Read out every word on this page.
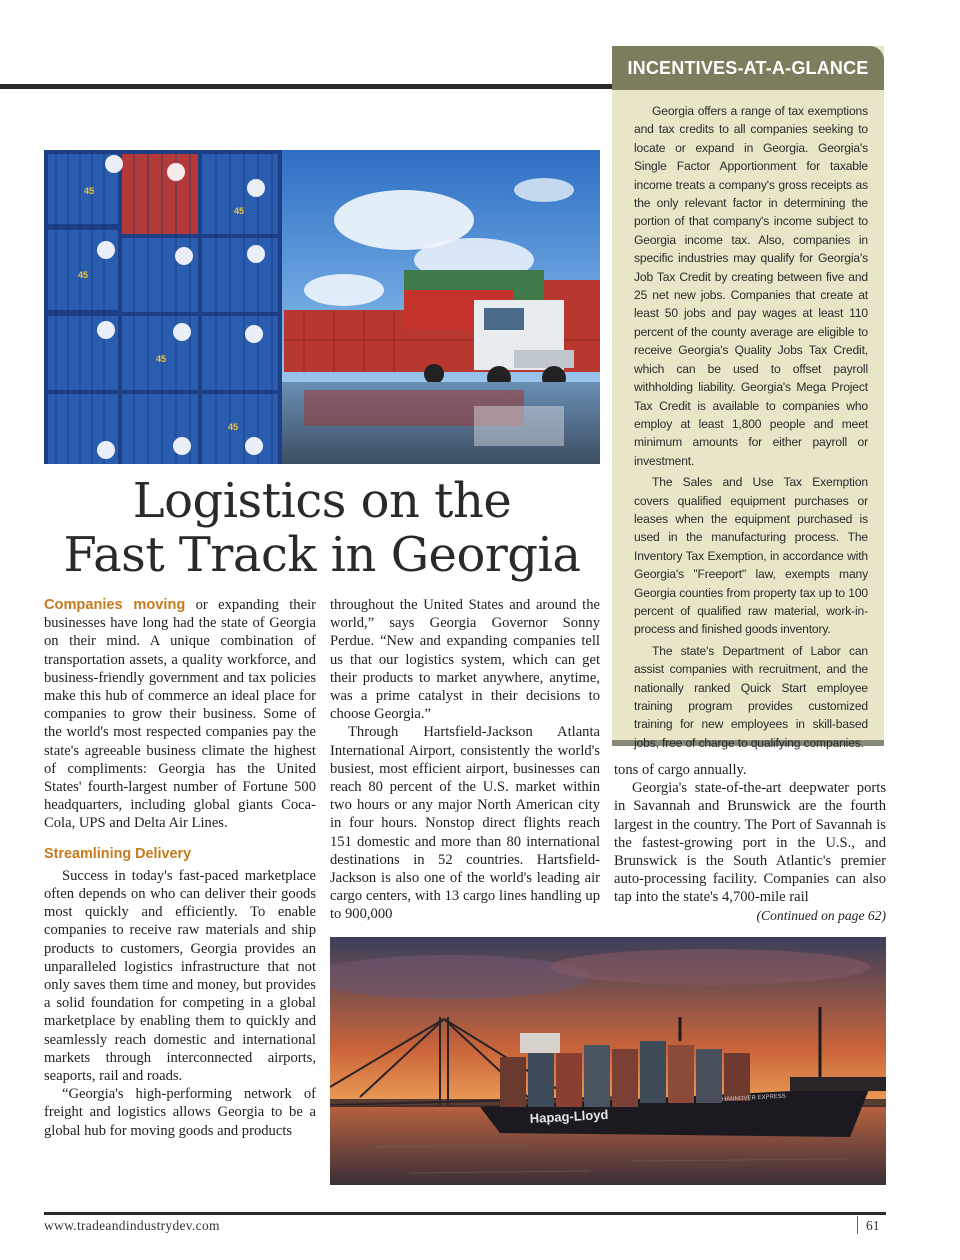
INCENTIVES-AT-A-GLANCE

Georgia offers a range of tax exemptions and tax credits to all companies seeking to locate or expand in Georgia. Georgia's Single Factor Apportionment for taxable income treats a company's gross receipts as the only relevant factor in determining the portion of that company's income subject to Georgia income tax. Also, companies in specific industries may qualify for Georgia's Job Tax Credit by creating between five and 25 net new jobs. Companies that create at least 50 jobs and pay wages at least 110 percent of the county average are eligible to receive Georgia's Quality Jobs Tax Credit, which can be used to offset payroll withholding liability. Georgia's Mega Project Tax Credit is available to companies who employ at least 1,800 people and meet minimum amounts for either payroll or investment.

The Sales and Use Tax Exemption covers qualified equipment purchases or leases when the equipment purchased is used in the manufacturing process. The Inventory Tax Exemption, in accordance with Georgia's "Freeport" law, exempts many Georgia counties from property tax up to 100 percent of qualified raw material, work-in-process and finished goods inventory.

The state's Department of Labor can assist companies with recruitment, and the nationally ranked Quick Start employee training program provides customized training for new employees in skill-based jobs, free of charge to qualifying companies.

45
45
45
45
45
Logistics on the
Fast Track in Georgia

Companies moving or expanding their businesses have long had the state of Georgia on their mind. A unique combination of transportation assets, a quality workforce, and business-friendly government and tax policies make this hub of commerce an ideal place for companies to grow their business. Some of the world's most respected companies pay the state's agreeable business climate the highest of compliments: Georgia has the United States' fourth-largest number of Fortune 500 headquarters, including global giants Coca-Cola, UPS and Delta Air Lines.

Streamlining Delivery

Success in today's fast-paced marketplace often depends on who can deliver their goods most quickly and efficiently. To enable companies to receive raw materials and ship products to customers, Georgia provides an unparalleled logistics infrastructure that not only saves them time and money, but provides a solid foundation for competing in a global marketplace by enabling them to quickly and seamlessly reach domestic and international markets through interconnected airports, seaports, rail and roads.

“Georgia's high-performing network of freight and logistics allows Georgia to be a global hub for moving goods and products

throughout the United States and around the world,” says Georgia Governor Sonny Perdue. “New and expanding companies tell us that our logistics system, which can get their products to market anywhere, anytime, was a prime catalyst in their decisions to choose Georgia.”

Through Hartsfield-Jackson Atlanta International Airport, consistently the world's busiest, most efficient airport, businesses can reach 80 percent of the U.S. market within two hours or any major North American city in four hours. Nonstop direct flights reach 151 domestic and more than 80 international destinations in 52 countries. Hartsfield-Jackson is also one of the world's leading air cargo centers, with 13 cargo lines handling up to 900,000

tons of cargo annually.

Georgia's state-of-the-art deepwater ports in Savannah and Brunswick are the fourth largest in the country. The Port of Savannah is the fastest-growing port in the U.S., and Brunswick is the South Atlantic's premier auto-processing facility. Companies can also tap into the state's 4,700-mile rail
(Continued on page 62)

Hapag-Lloyd
HANNOVER EXPRESS
www.tradeandindustrydev.com	61
